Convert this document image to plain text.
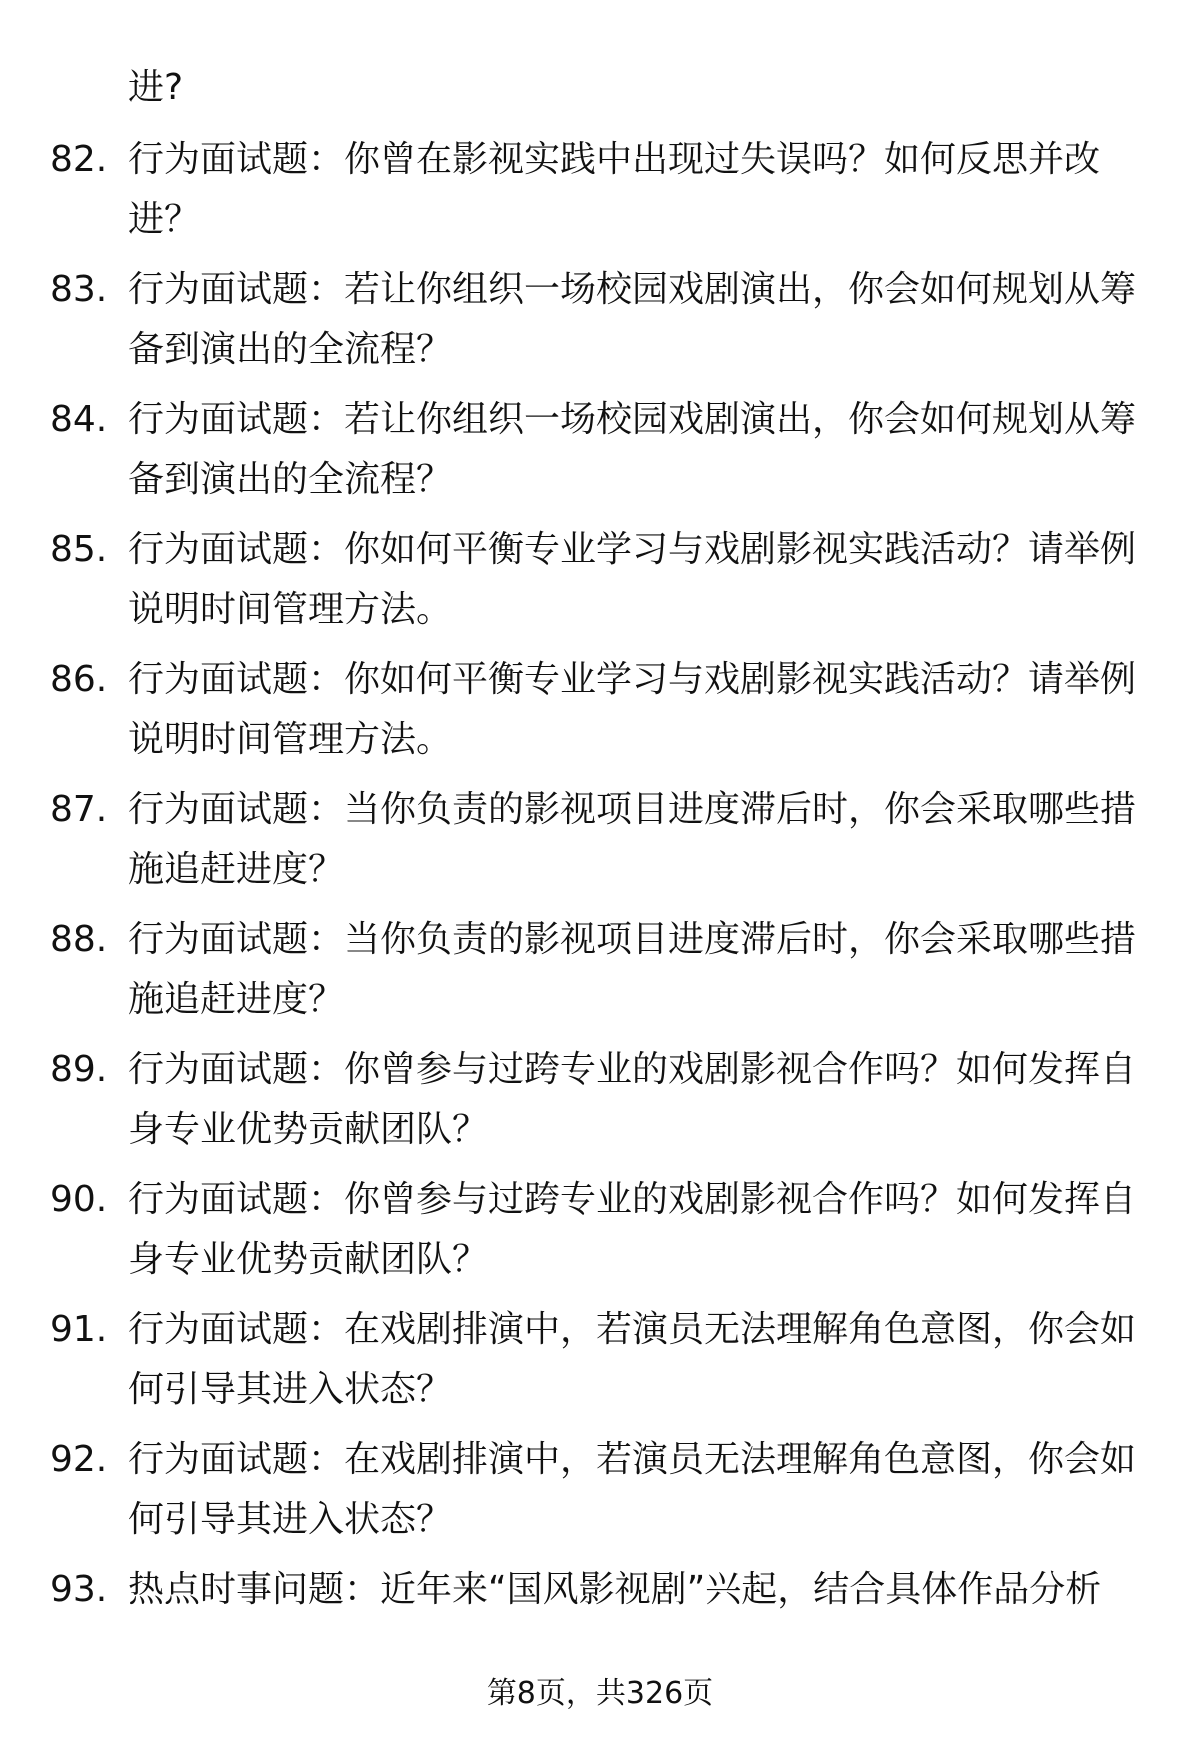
进?
82. 行为面试题：你曾在影视实践中出现过失误吗？如何反思并改进？
83. 行为面试题：若让你组织一场校园戏剧演出，你会如何规划从筹备到演出的全流程？
84. 行为面试题：若让你组织一场校园戏剧演出，你会如何规划从筹备到演出的全流程？
85. 行为面试题：你如何平衡专业学习与戏剧影视实践活动？请举例说明时间管理方法。
86. 行为面试题：你如何平衡专业学习与戏剧影视实践活动？请举例说明时间管理方法。
87. 行为面试题：当你负责的影视项目进度滞后时，你会采取哪些措施追赶进度？
88. 行为面试题：当你负责的影视项目进度滞后时，你会采取哪些措施追赶进度？
89. 行为面试题：你曾参与过跨专业的戏剧影视合作吗？如何发挥自身专业优势贡献团队？
90. 行为面试题：你曾参与过跨专业的戏剧影视合作吗？如何发挥自身专业优势贡献团队？
91. 行为面试题：在戏剧排演中，若演员无法理解角色意图，你会如何引导其进入状态？
92. 行为面试题：在戏剧排演中，若演员无法理解角色意图，你会如何引导其进入状态？
93. 热点时事问题：近年来“国风影视剧”兴起，结合具体作品分析
第8页，共326页
